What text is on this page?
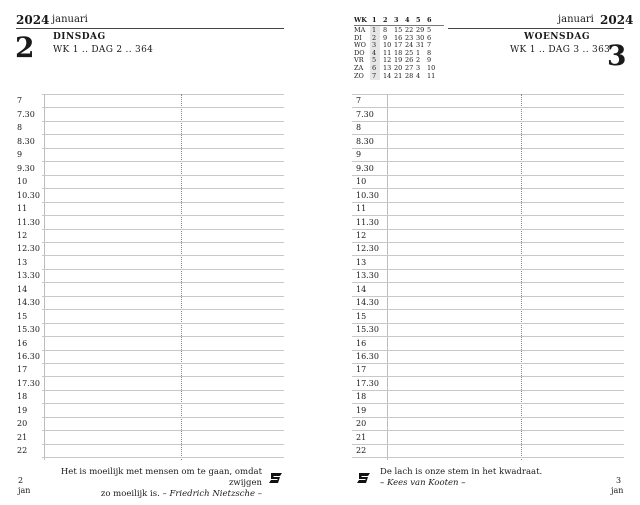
2024 januari
2 DINSDAG
WK 1 .. DAG 2 .. 364
2024
januari
3
WOENSDAG
WK 1 .. DAG 3 .. 363
WK 1 2 3 4 5 6
MA 1 8 15 22 29 5
DI 2 9 16 23 30 6
WO 3 10 17 24 31 7
DO 4 11 18 25 1 8
VR 5 12 19 26 2 9
ZA 6 13 20 27 3 10
ZO 7 14 21 28 4 11
7
7.30
8
8.30
9
9.30
10
10.30
11
11.30
12
12.30
13
13.30
14
14.30
15
15.30
16
16.30
17
17.30
18
19
20
21
22
7
7.30
8
8.30
9
9.30
10
10.30
11
11.30
12
12.30
13
13.30
14
14.30
15
15.30
16
16.30
17
17.30
18
19
20
21
22
Het is moeilijk met mensen om te gaan, omdat zwijgen
zo moeilijk is. – Friedrich Nietzsche –
2
jan
De lach is onze stem in het kwadraat.
– Kees van Kooten –	3
jan
